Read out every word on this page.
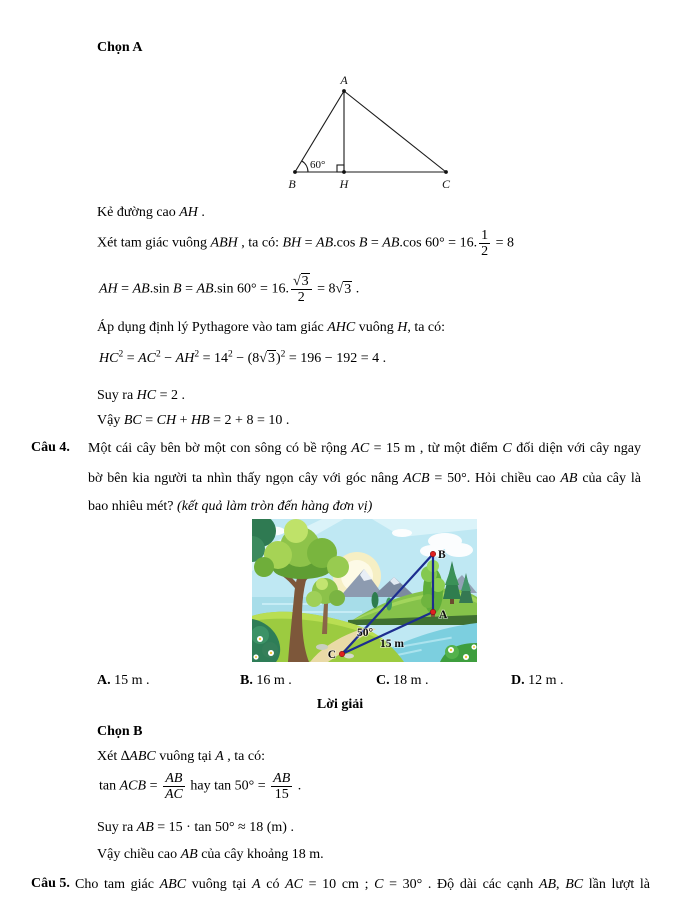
Chọn A
A
B	H	C
60°
Kẻ đường cao AH .
Xét tam giác vuông ABH , ta có: BH = AB.cos B = AB.cos 60° = 16. $\frac{1}{2} = 8$
AH = AB.sin B = AB.sin 60° = 16. $\frac{√3}{2} = 8√3$ .
Áp dụng định lý Pythagore vào tam giác AHC vuông H, ta có:
$HC^2 = AC^2 - AH^2 = 14^2 - (8√3)^2 = 196 - 192 = 4$ .
Suy ra HC = 2 .
Vậy BC = CH + HB = 2 + 8 = 10 .
Câu 4. Một cái cây bên bờ một con sông có bề rộng AC = 15 m , từ một điểm C đối diện với cây ngay
bờ bên kia người ta nhìn thấy ngọn cây với góc nâng ACB = 50°. Hỏi chiều cao AB của cây là
bao nhiêu mét? (kết quả làm tròn đến hàng đơn vị)
B
A
C
50°
15 m
A. 15 m .	B. 16 m .	C. 18 m .	D. 12 m .
Lời giải
Chọn B
Xét ∆ABC vuông tại A , ta có:
tan ACB = $\frac{AB}{AC}$ hay $\tan 50^\circ = \frac{AB}{15}$ .
Suy ra AB = 15 · tan 50° ≈ 18 (m) .
Vậy chiều cao AB của cây khoảng 18 m.
Câu 5. Cho tam giác ABC vuông tại A có AC = 10 cm ; C = 30° . Độ dài các cạnh AB, BC lần lượt là
